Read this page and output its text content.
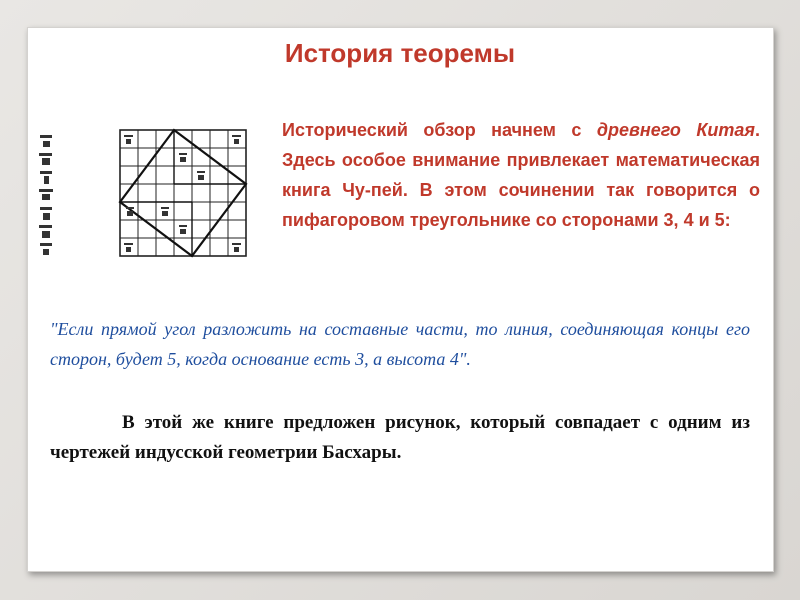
История теоремы
Исторический обзор начнем с древнего Китая. Здесь особое внимание привлекает математическая книга Чу-пей. В этом сочинении так говорится о пифагоровом треугольнике со сторонами 3, 4 и 5:
"Если прямой угол разложить на составные части, то линия, соединяющая концы его сторон, будет 5, когда основание есть 3, а высота 4".
В этой же книге предложен рисунок, который совпадает с одним из чертежей индусской геометрии Басхары.
